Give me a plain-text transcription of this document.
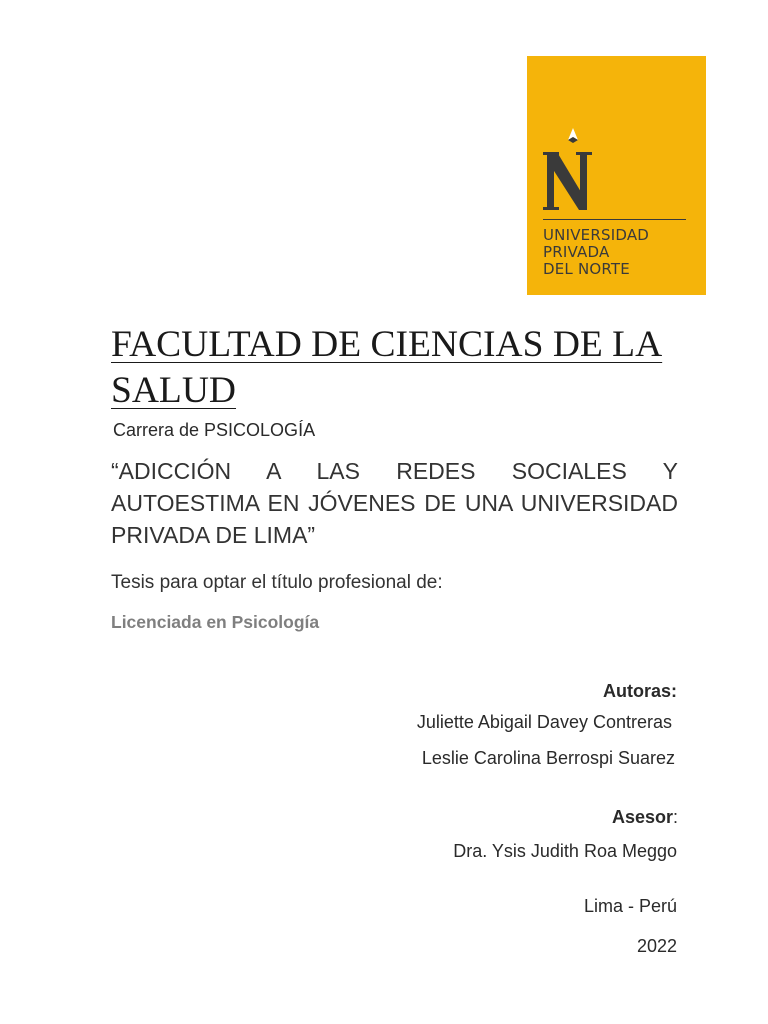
UNIVERSIDAD
PRIVADA
DEL NORTE
FACULTAD DE CIENCIAS DE LA SALUD
Carrera de PSICOLOGÍA
“ADICCIÓN A LAS REDES SOCIALES Y AUTOESTIMA EN JÓVENES DE UNA UNIVERSIDAD PRIVADA DE LIMA”
Tesis para optar el título profesional de:
Licenciada en Psicología
Autoras:
Juliette Abigail Davey Contreras
Leslie Carolina Berrospi Suarez
Asesor:
Dra. Ysis Judith Roa Meggo
Lima - Perú
2022
